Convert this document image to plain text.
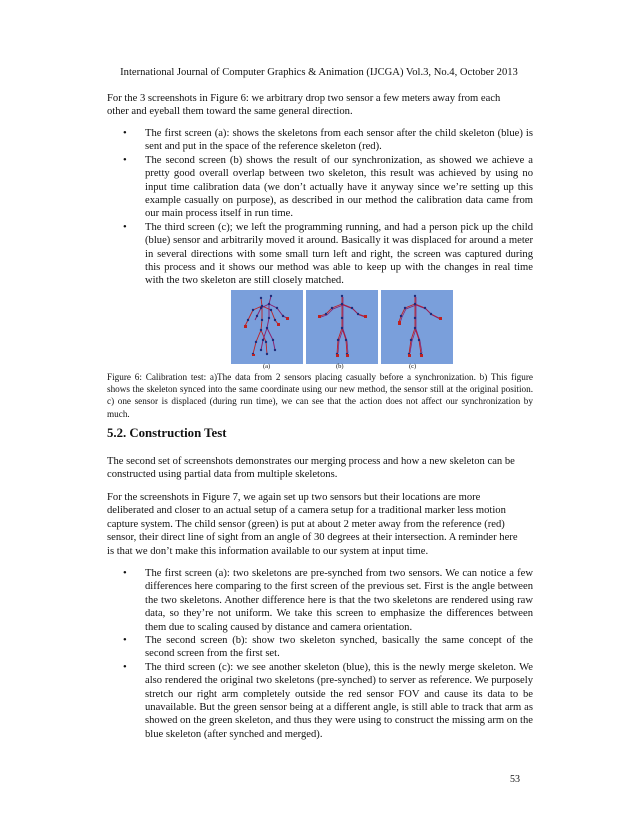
International Journal of Computer Graphics & Animation (IJCGA) Vol.3, No.4, October 2013

For the 3 screenshots in Figure 6: we arbitrary drop two sensor a few meters away from each
other and eyeball them toward the same general direction.

• The first screen (a): shows the skeletons from each sensor after the child skeleton (blue) is sent and put in the space of the reference skeleton (red).
• The second screen (b) shows the result of our synchronization, as showed we achieve a pretty good overall overlap between two skeleton, this result was achieved by using no input time calibration data (we don’t actually have it anyway since we’re setting up this example casually on purpose), as described in our method the calibration data came from our main process itself in run time.
• The third screen (c); we left the programming running, and had a person pick up the child (blue) sensor and arbitrarily moved it around. Basically it was displaced for around a meter in several directions with some small turn left and right, the screen was captured during this process and it shows our method was able to keep up with the changes in real time with the two skeleton are still closely matched.
(a)	(b)	(c)

Figure 6: Calibration test: a)The data from 2 sensors placing casually before a synchronization. b) This figure shows the skeleton synced into the same coordinate using our new method, the sensor still at the original position. c) one sensor is displaced (during run time), we can see that the action does not affect our synchronization by much.

5.2. Construction Test

The second set of screenshots demonstrates our merging process and how a new skeleton can be
constructed using partial data from multiple skeletons.

For the screenshots in Figure 7, we again set up two sensors but their locations are more
deliberated and closer to an actual setup of a camera setup for a traditional marker less motion
capture system. The child sensor (green) is put at about 2 meter away from the reference (red)
sensor, their direct line of sight from an angle of 30 degrees at their intersection. A reminder here
is that we don’t make this information available to our system at input time.

• The first screen (a): two skeletons are pre-synched from two sensors. We can notice a few differences here comparing to the first screen of the previous set. First is the angle between the two skeletons. Another difference here is that the two skeletons are rendered using raw data, so they’re not uniform. We take this screen to emphasize the differences between them due to scaling caused by distance and camera orientation.
• The second screen (b): show two skeleton synched, basically the same concept of the second screen from the first set.
• The third screen (c): we see another skeleton (blue), this is the newly merge skeleton. We also rendered the original two skeletons (pre-synched) to server as reference. We purposely stretch our right arm completely outside the red sensor FOV and cause its data to be unavailable. But the green sensor being at a different angle, is still able to track that arm as showed on the green skeleton, and thus they were using to construct the missing arm on the blue skeleton (after synched and merged).
53
